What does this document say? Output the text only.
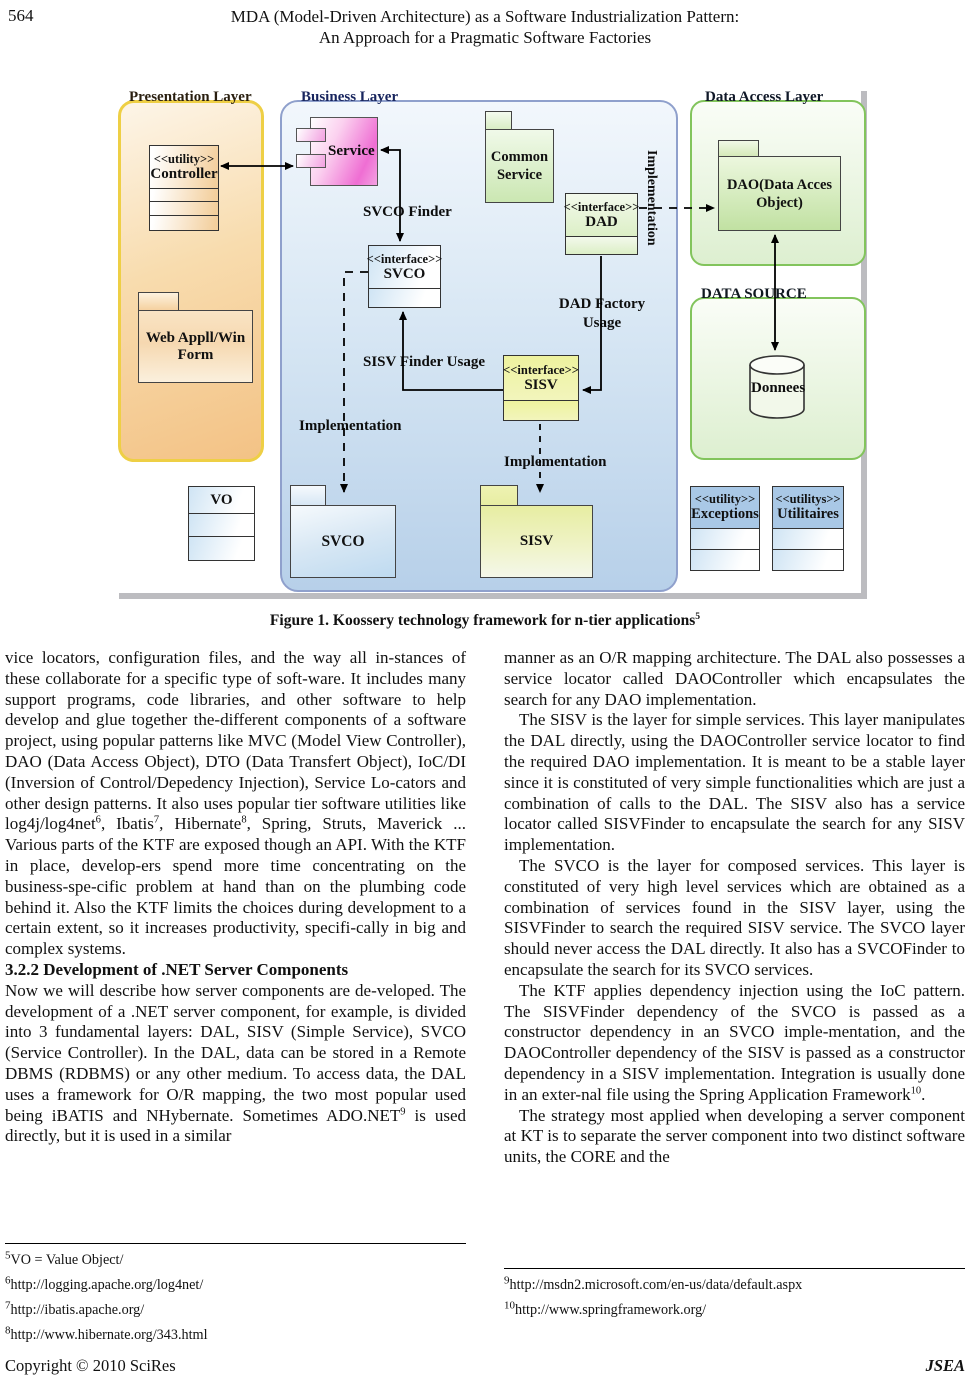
564	MDA (Model-Driven Architecture) as a Software Industrialization Pattern:
An Approach for a Pragmatic Software Factories
Presentation Layer	Business Layer	Data Access Layer
DATA SOURCE
<<utility>>
Controller
Web Appll/Win Form
VO
Service
<<interface>>
SVCO
Common
Service
<<interface>>
DAD
DAO(Data Acces
Object)
Donnees
SVCO
<<interface>>
SISV
SISV
<<utility>>
Exceptions
<<utilitys>>
Utilitaires
SVCO Finder
SISV Finder Usage
Implementation
Implementation
Implementation
DAD Factory
Usage
Figure 1. Koossery technology framework for n-tier applications$^5$

vice locators, configuration files, and the way all in-stances of these collaborate for a specific type of soft-ware. It includes many support programs, code libraries, and other software to help develop and glue together the-different components of a software project, using popular patterns like MVC (Model View Controller), DAO (Data Access Object), DTO (Data Transfert Object), IoC/DI (Inversion of Control/Depedency Injection), Service Lo-cators and other design patterns. It also uses popular tier software utilities like log4j/log4net$^6$, Ibatis$^7$, Hibernate$^8$, Spring, Struts, Maverick ... Various parts of the KTF are exposed though an API. With the KTF in place, develop-ers spend more time concentrating on the business-spe-cific problem at hand than on the plumbing code behind it. Also the KTF limits the choices during development to a certain extent, so it increases productivity, specifi-cally in big and complex systems.

3.2.2 Development of .NET Server Components

Now we will describe how server components are de-veloped. The development of a .NET server component, for example, is divided into 3 fundamental layers: DAL, SISV (Simple Service), SVCO (Service Controller). In the DAL, data can be stored in a Remote DBMS (RDBMS) or any other medium. To access data, the DAL uses a framework for O/R mapping, the two most popular used being iBATIS and NHybernate. Sometimes ADO.NET$^9$ is used directly, but it is used in a similar

manner as an O/R mapping architecture. The DAL also possesses a service locator called DAOController which encapsulates the search for any DAO implementation.

The SISV is the layer for simple services. This layer manipulates the DAL directly, using the DAOController service locator to find the required DAO implementation. It is meant to be a stable layer since it is constituted of very simple functionalities which are just a combination of calls to the DAL. The SISV also has a service locator called SISVFinder to encapsulate the search for any SISV implementation.

The SVCO is the layer for composed services. This layer is constituted of very high level services which are obtained as a combination of services found in the SISV layer, using the SISVFinder to search the required SISV service. The SVCO layer should never access the DAL directly. It also has a SVCOFinder to encapsulate the search for its SVCO services.

The KTF applies dependency injection using the IoC pattern. The SISVFinder dependency of the SVCO is passed as a constructor dependency in an SVCO imple-mentation, and the DAOController dependency of the SISV is passed as a constructor dependency in a SISV implementation. Integration is usually done in an exter-nal file using the Spring Application Framework$^{10}$.

The strategy most applied when developing a server component at KT is to separate the server component into two distinct software units, the CORE and the

$^5$VO = Value Object/
$^6$http://logging.apache.org/log4net/
$^7$http://ibatis.apache.org/
$^8$http://www.hibernate.org/343.html
$^9$http://msdn2.microsoft.com/en-us/data/default.aspx
$^{10}$http://www.springframework.org/
Copyright © 2010 SciRes	JSEA
